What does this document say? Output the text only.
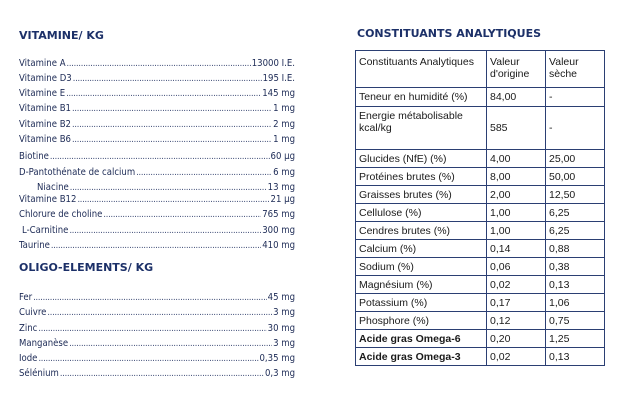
VITAMINE/ KG
Vitamine A .....	13000 I.E.
Vitamine D3 .....	195 I.E.
Vitamine E .....	145 mg
Vitamine B1 .....	1 mg
Vitamine B2 .....	2 mg
Vitamine B6 .....	1 mg
Biotine .....	60 µg
D-Pantothénate de calcium .....	6 mg
Niacine .....	13 mg
Vitamine B12 .....	21 µg
Chlorure de choline .....	765 mg
L-Carnitine .....	300 mg
Taurine .....	410 mg
OLIGO-ELEMENTS/ KG
Fer .....	45 mg
Cuivre .....	3 mg
Zinc .....	30 mg
Manganèse .....	3 mg
Iode .....	0,35 mg
Sélénium .....	0,3 mg
CONSTITUANTS ANALYTIQUES
Constituants Analytiques	Valeur d'origine	Valeur sèche
Teneur en humidité (%)	84,00	-
Energie métabolisable kcal/kg	585	-
Glucides (NfE) (%)	4,00	25,00
Protéines brutes (%)	8,00	50,00
Graisses brutes (%)	2,00	12,50
Cellulose (%)	1,00	6,25
Cendres brutes (%)	1,00	6,25
Calcium (%)	0,14	0,88
Sodium (%)	0,06	0,38
Magnésium (%)	0,02	0,13
Potassium (%)	0,17	1,06
Phosphore (%)	0,12	0,75
Acide gras Omega-6	0,20	1,25
Acide gras Omega-3	0,02	0,13
